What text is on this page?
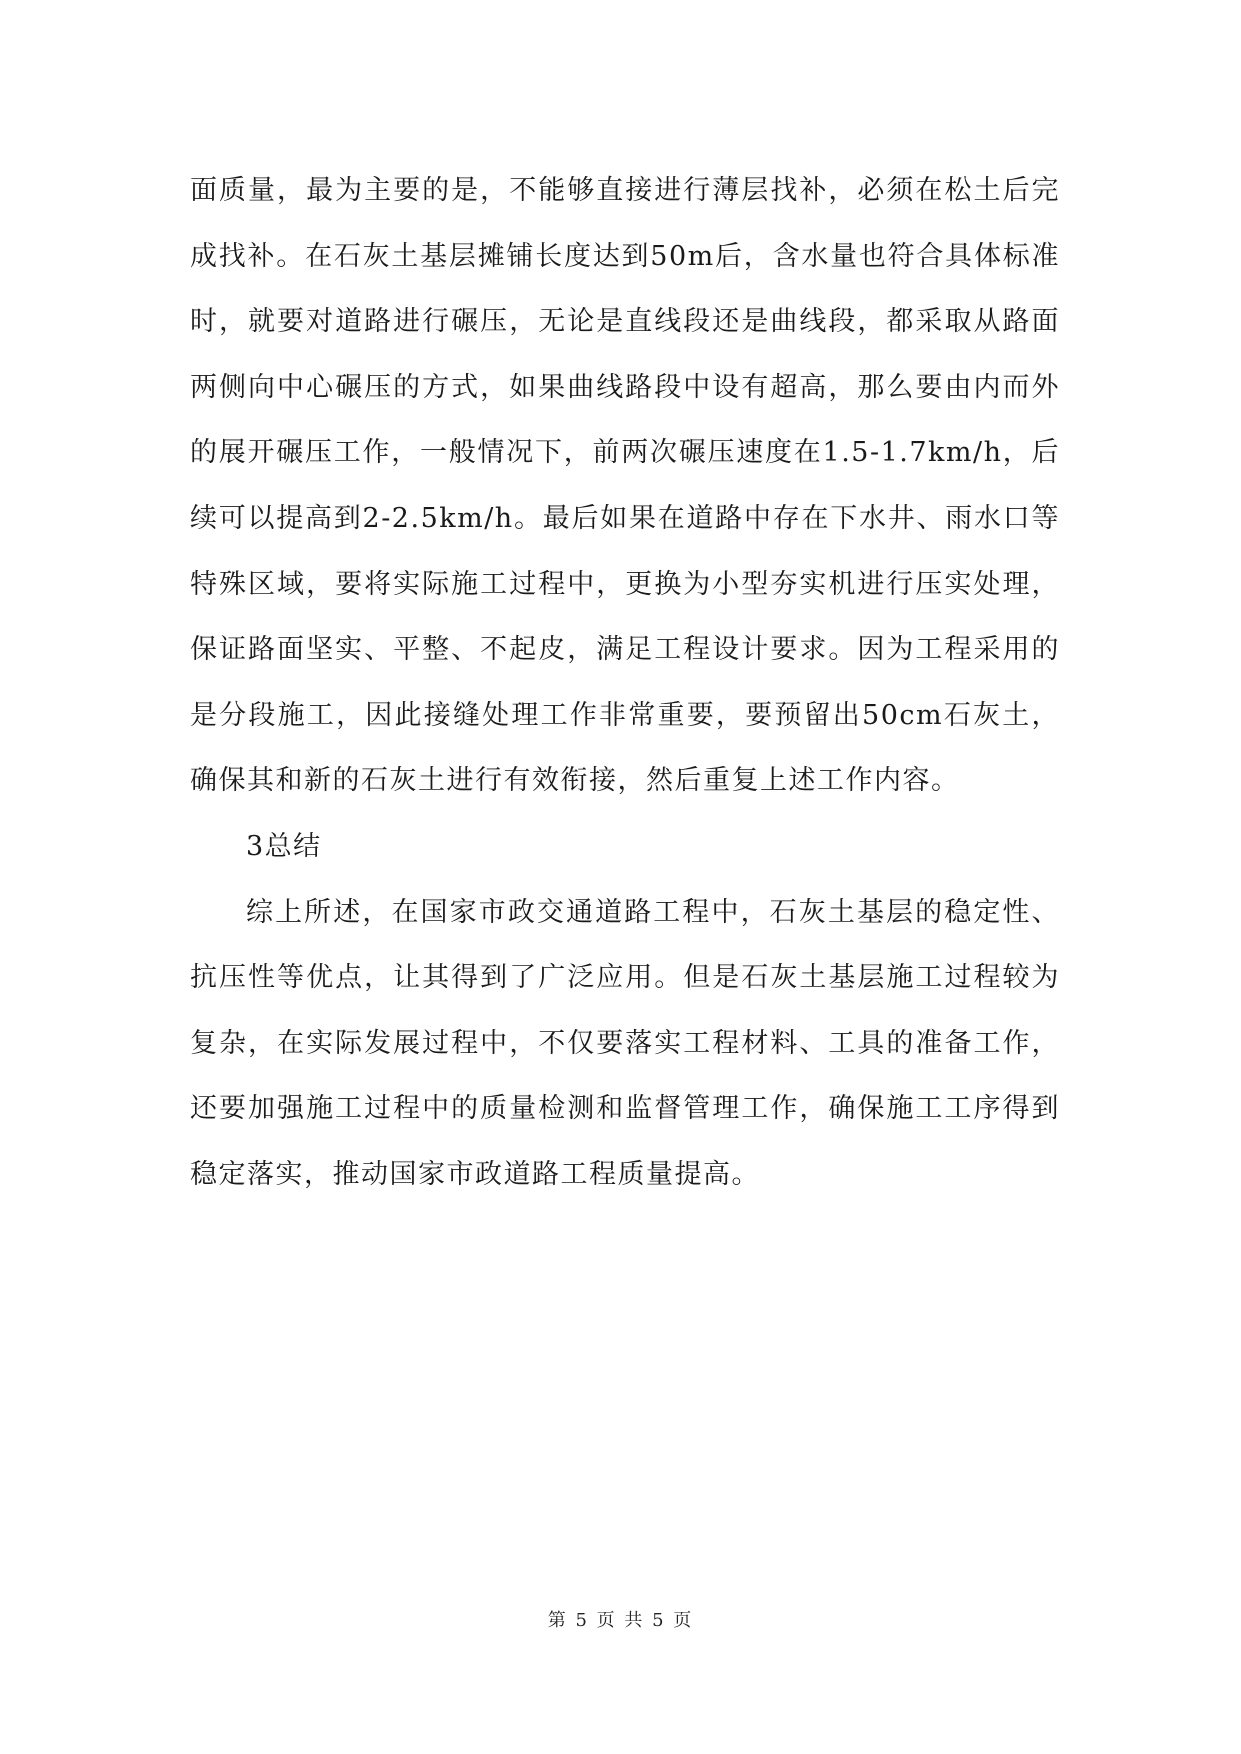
面质量，最为主要的是，不能够直接进行薄层找补，必须在松土后完成找补。在石灰土基层摊铺长度达到50m后，含水量也符合具体标准时，就要对道路进行碾压，无论是直线段还是曲线段，都采取从路面两侧向中心碾压的方式，如果曲线路段中设有超高，那么要由内而外的展开碾压工作，一般情况下，前两次碾压速度在1.5-1.7km/h，后续可以提高到2-2.5km/h。最后如果在道路中存在下水井、雨水口等特殊区域，要将实际施工过程中，更换为小型夯实机进行压实处理，保证路面坚实、平整、不起皮，满足工程设计要求。因为工程采用的是分段施工，因此接缝处理工作非常重要，要预留出50cm石灰土，确保其和新的石灰土进行有效衔接，然后重复上述工作内容。

3总结

综上所述，在国家市政交通道路工程中，石灰土基层的稳定性、抗压性等优点，让其得到了广泛应用。但是石灰土基层施工过程较为复杂，在实际发展过程中，不仅要落实工程材料、工具的准备工作，还要加强施工过程中的质量检测和监督管理工作，确保施工工序得到稳定落实，推动国家市政道路工程质量提高。

第 5 页 共 5 页
